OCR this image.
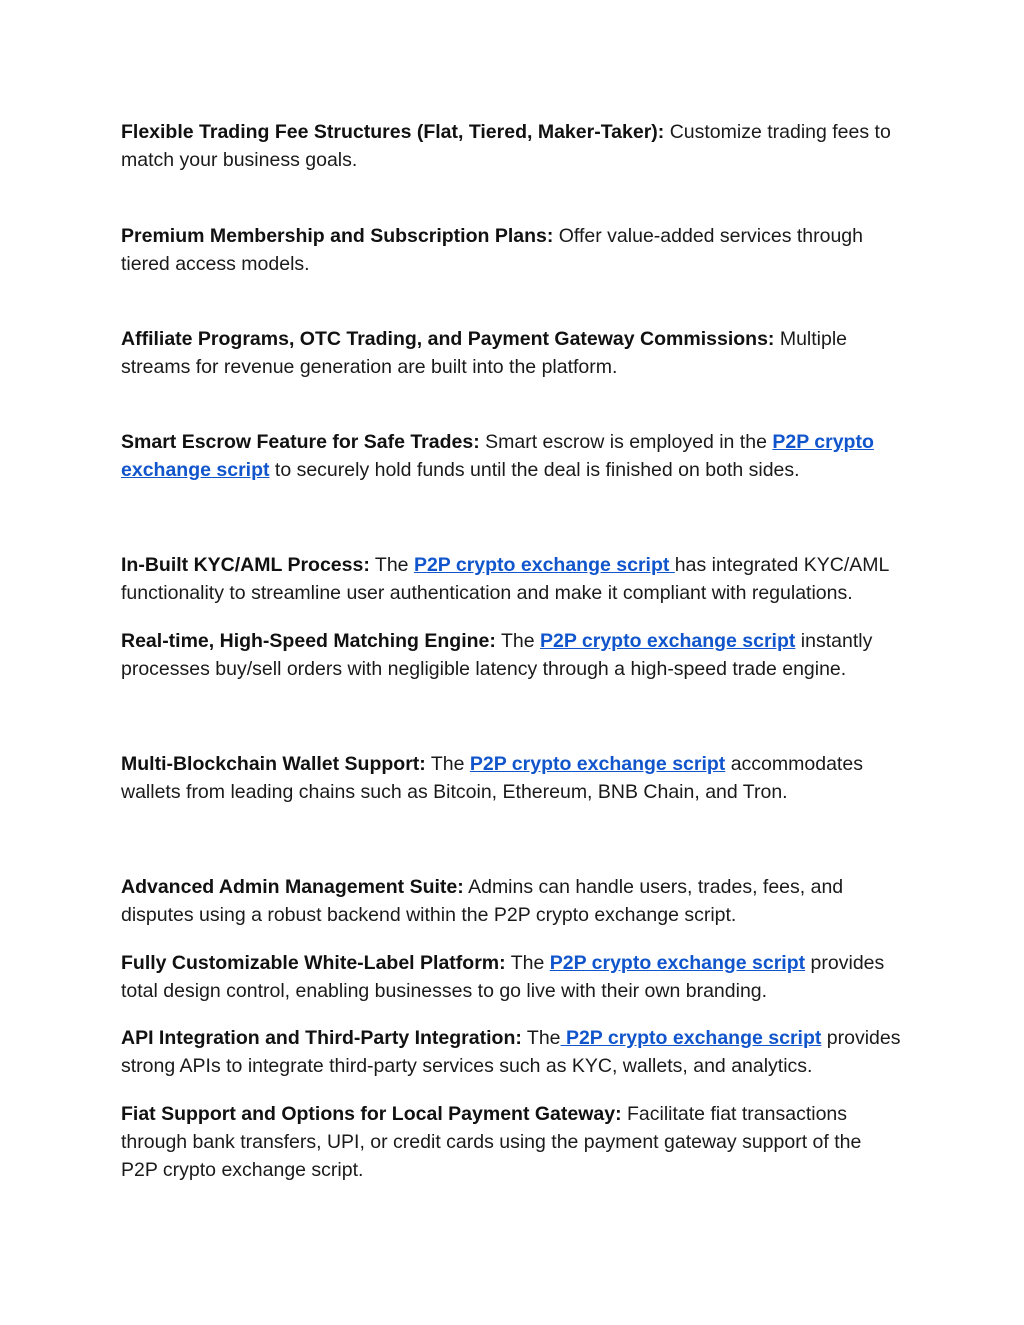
Flexible Trading Fee Structures (Flat, Tiered, Maker-Taker): Customize trading fees to match your business goals.

Premium Membership and Subscription Plans: Offer value-added services through tiered access models.

Affiliate Programs, OTC Trading, and Payment Gateway Commissions: Multiple streams for revenue generation are built into the platform.

Smart Escrow Feature for Safe Trades: Smart escrow is employed in the P2P crypto exchange script to securely hold funds until the deal is finished on both sides.

In-Built KYC/AML Process: The P2P crypto exchange script has integrated KYC/AML functionality to streamline user authentication and make it compliant with regulations.

Real-time, High-Speed Matching Engine: The P2P crypto exchange script instantly processes buy/sell orders with negligible latency through a high-speed trade engine.

Multi-Blockchain Wallet Support: The P2P crypto exchange script accommodates wallets from leading chains such as Bitcoin, Ethereum, BNB Chain, and Tron.

Advanced Admin Management Suite: Admins can handle users, trades, fees, and disputes using a robust backend within the P2P crypto exchange script.

Fully Customizable White-Label Platform: The P2P crypto exchange script provides total design control, enabling businesses to go live with their own branding.

API Integration and Third-Party Integration: The P2P crypto exchange script provides strong APIs to integrate third-party services such as KYC, wallets, and analytics.

Fiat Support and Options for Local Payment Gateway: Facilitate fiat transactions through bank transfers, UPI, or credit cards using the payment gateway support of the P2P crypto exchange script.
